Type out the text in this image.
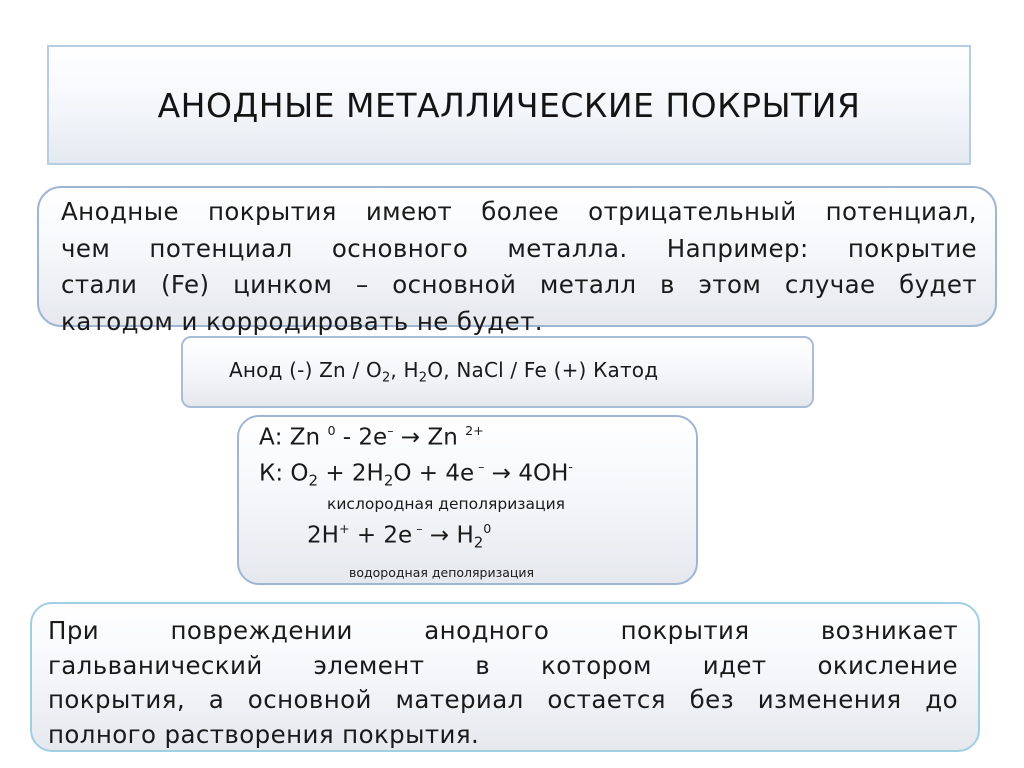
АНОДНЫЕ МЕТАЛЛИЧЕСКИЕ ПОКРЫТИЯ
Анодные покрытия имеют более отрицательный потенциал,
чем потенциал основного металла. Например: покрытие
стали (Fe) цинком – основной металл в этом случае будет
катодом и корродировать не будет.
Анод (-) Zn / $O_2$, $H_2O$, NaCl / Fe (+) Катод
А: Zn $^0$ - 2e– → Zn $^{2+}$
К: $O_2 + 2H_2O + 4e$ – → 4OH-
кислородная деполяризация
2H+ + 2e $^- \to H_2^0$
водородная деполяризация
При повреждении анодного покрытия возникает
гальванический элемент в котором идет окисление
покрытия, а основной материал остается без изменения до
полного растворения покрытия.
